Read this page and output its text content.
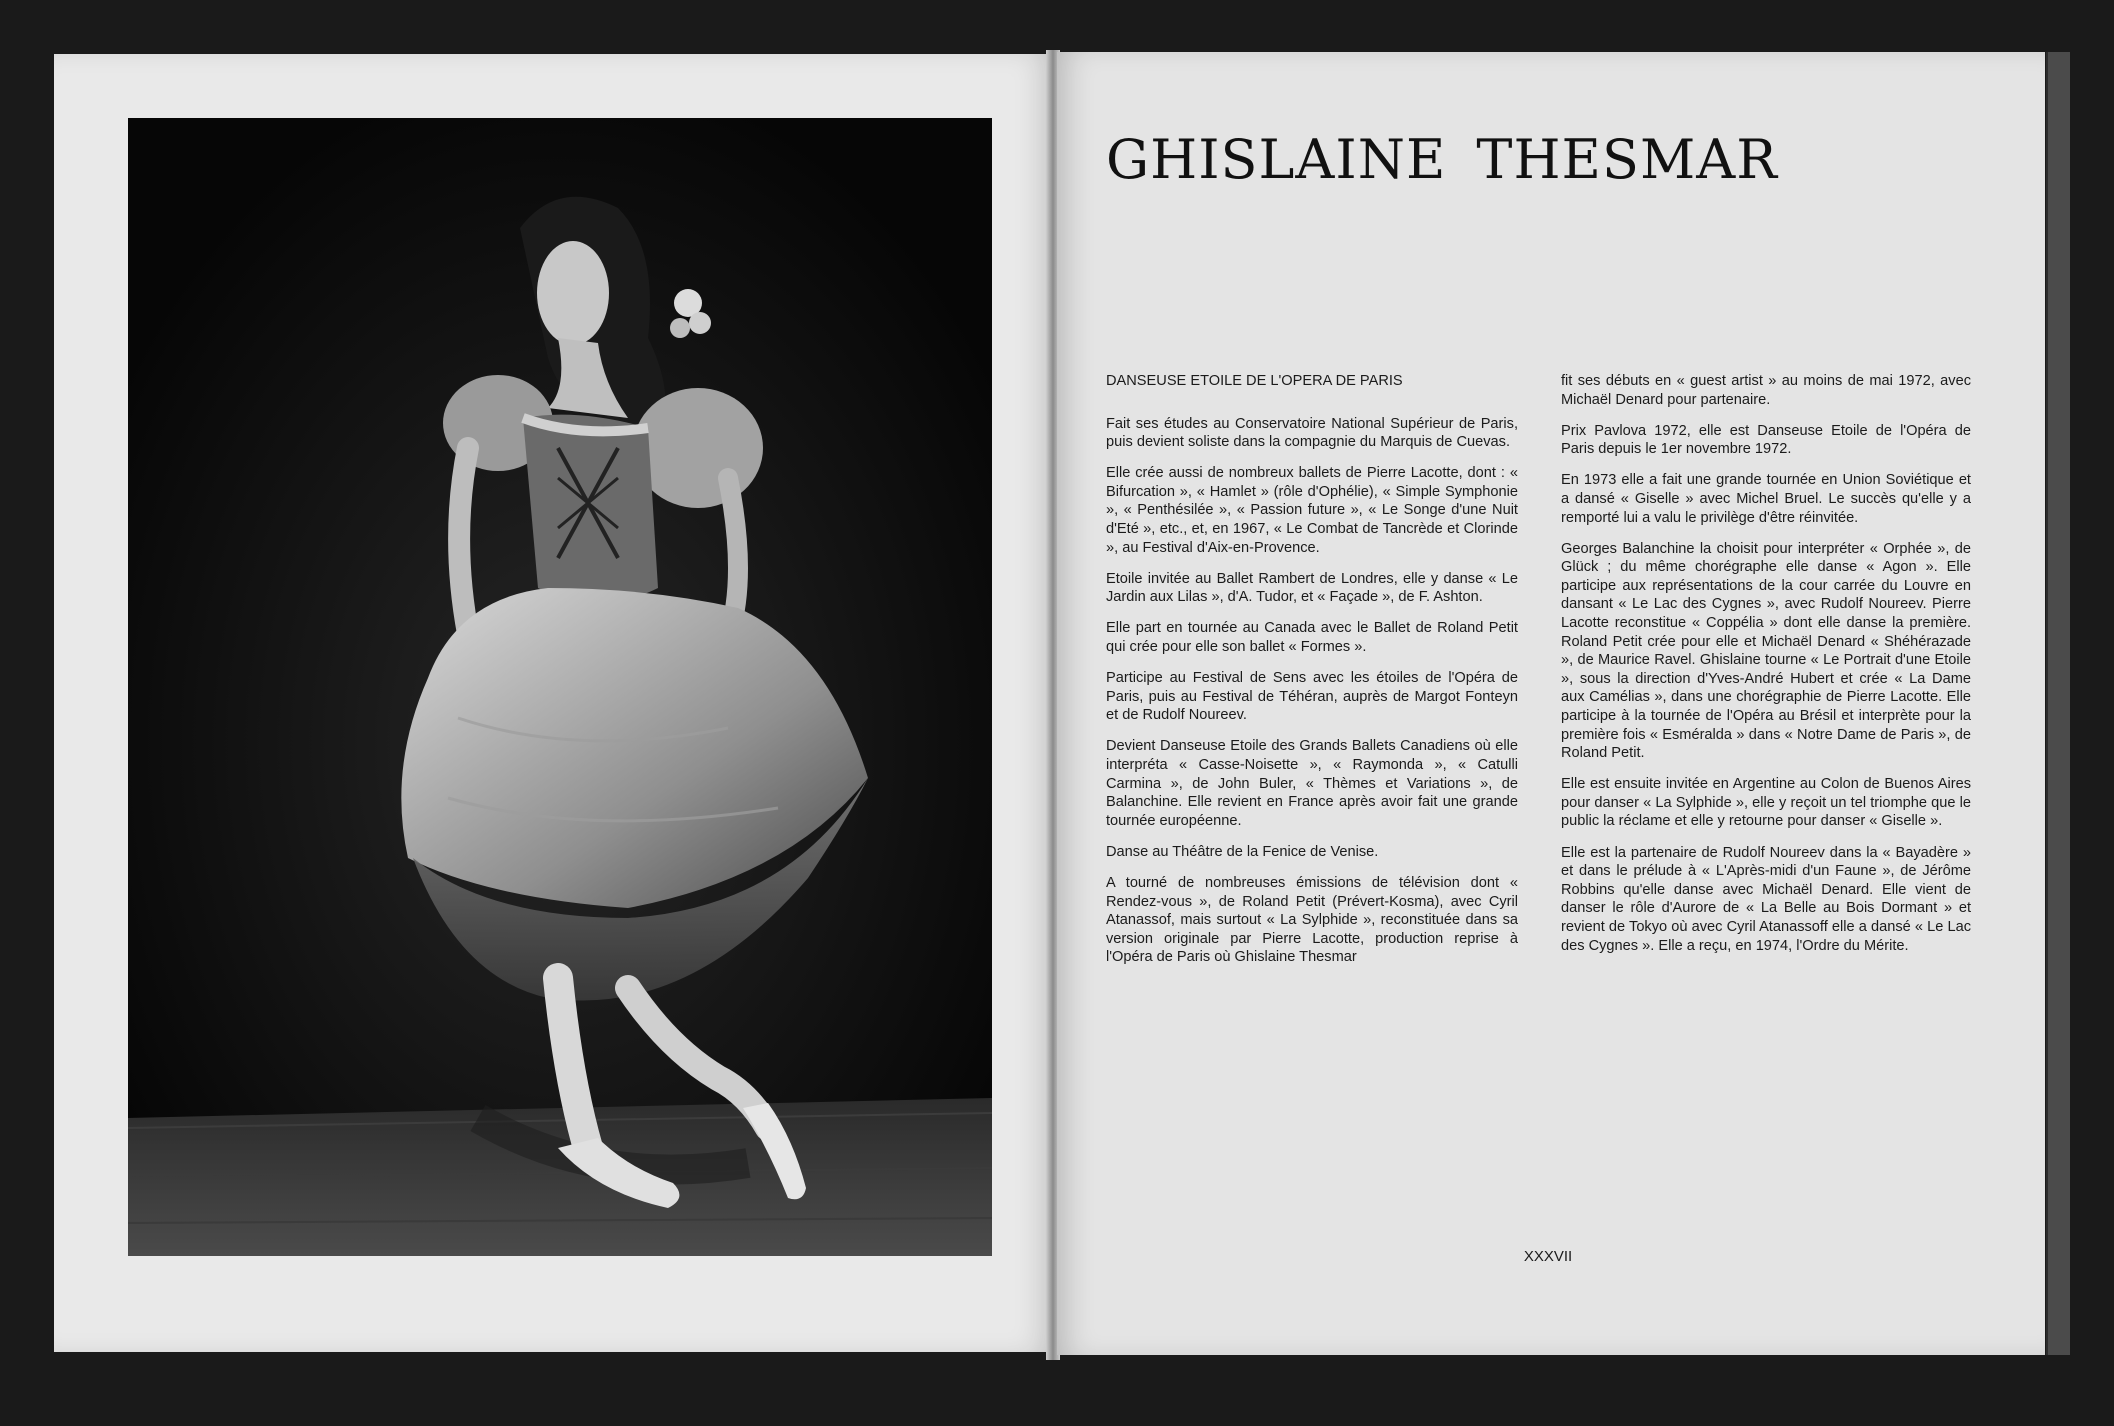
GHISLAINE THESMAR

DANSEUSE ETOILE DE L'OPERA DE PARIS

Fait ses études au Conservatoire National Supérieur de Paris, puis devient soliste dans la compagnie du Marquis de Cuevas.

Elle crée aussi de nombreux ballets de Pierre Lacotte, dont : « Bifurcation », « Hamlet » (rôle d'Ophélie), « Simple Symphonie », « Penthésilée », « Passion future », « Le Songe d'une Nuit d'Eté », etc., et, en 1967, « Le Combat de Tancrède et Clorinde », au Festival d'Aix-en-Provence.

Etoile invitée au Ballet Rambert de Londres, elle y danse « Le Jardin aux Lilas », d'A. Tudor, et « Façade », de F. Ashton.

Elle part en tournée au Canada avec le Ballet de Roland Petit qui crée pour elle son ballet « Formes ».

Participe au Festival de Sens avec les étoiles de l'Opéra de Paris, puis au Festival de Téhéran, auprès de Margot Fonteyn et de Rudolf Noureev.

Devient Danseuse Etoile des Grands Ballets Canadiens où elle interpréta « Casse-Noisette », « Raymonda », « Catulli Carmina », de John Buler, « Thèmes et Variations », de Balanchine. Elle revient en France après avoir fait une grande tournée européenne.

Danse au Théâtre de la Fenice de Venise.

A tourné de nombreuses émissions de télévision dont « Rendez-vous », de Roland Petit (Prévert-Kosma), avec Cyril Atanassof, mais surtout « La Sylphide », reconstituée dans sa version originale par Pierre Lacotte, production reprise à l'Opéra de Paris où Ghislaine Thesmar

fit ses débuts en « guest artist » au moins de mai 1972, avec Michaël Denard pour partenaire.

Prix Pavlova 1972, elle est Danseuse Etoile de l'Opéra de Paris depuis le 1er novembre 1972.

En 1973 elle a fait une grande tournée en Union Soviétique et a dansé « Giselle » avec Michel Bruel. Le succès qu'elle y a remporté lui a valu le privilège d'être réinvitée.

Georges Balanchine la choisit pour interpréter « Orphée », de Glück ; du même chorégraphe elle danse « Agon ». Elle participe aux représentations de la cour carrée du Louvre en dansant « Le Lac des Cygnes », avec Rudolf Noureev. Pierre Lacotte reconstitue « Coppélia » dont elle danse la première. Roland Petit crée pour elle et Michaël Denard « Shéhérazade », de Maurice Ravel. Ghislaine tourne « Le Portrait d'une Etoile », sous la direction d'Yves-André Hubert et crée « La Dame aux Camélias », dans une chorégraphie de Pierre Lacotte. Elle participe à la tournée de l'Opéra au Brésil et interprète pour la première fois « Esméralda » dans « Notre Dame de Paris », de Roland Petit.

Elle est ensuite invitée en Argentine au Colon de Buenos Aires pour danser « La Sylphide », elle y reçoit un tel triomphe que le public la réclame et elle y retourne pour danser « Giselle ».

Elle est la partenaire de Rudolf Noureev dans la « Bayadère » et dans le prélude à « L'Après-midi d'un Faune », de Jérôme Robbins qu'elle danse avec Michaël Denard. Elle vient de danser le rôle d'Aurore de « La Belle au Bois Dormant » et revient de Tokyo où avec Cyril Atanassoff elle a dansé « Le Lac des Cygnes ». Elle a reçu, en 1974, l'Ordre du Mérite.

XXXVII
